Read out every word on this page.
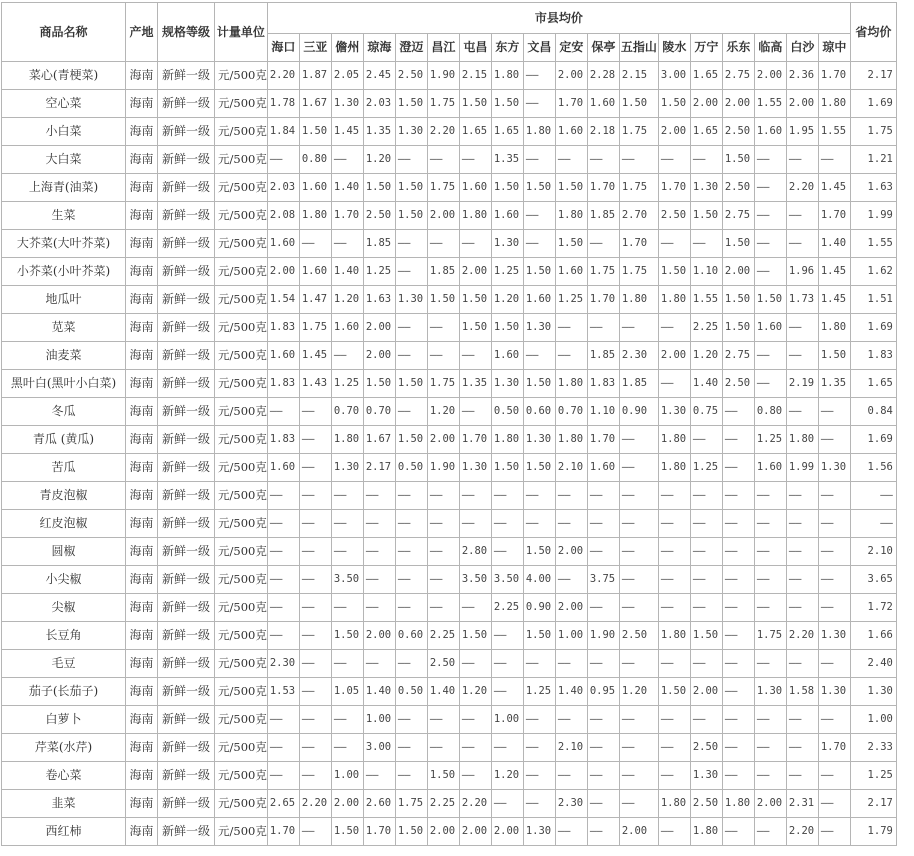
商品名称	产地	规格等级	计量单位	市县均价																		省均价
				海口	三亚	儋州	琼海	澄迈	昌江	屯昌	东方	文昌	定安	保亭	五指山	陵水	万宁	乐东	临高	白沙	琼中	
菜心(青梗菜)	海南	新鲜一级	元/500克	2.20	1.87	2.05	2.45	2.50	1.90	2.15	1.80	——	2.00	2.28	2.15	3.00	1.65	2.75	2.00	2.36	1.70	2.17
空心菜	海南	新鲜一级	元/500克	1.78	1.67	1.30	2.03	1.50	1.75	1.50	1.50	——	1.70	1.60	1.50	1.50	2.00	2.00	1.55	2.00	1.80	1.69
小白菜	海南	新鲜一级	元/500克	1.84	1.50	1.45	1.35	1.30	2.20	1.65	1.65	1.80	1.60	2.18	1.75	2.00	1.65	2.50	1.60	1.95	1.55	1.75
大白菜	海南	新鲜一级	元/500克	——	0.80	——	1.20	——	——	——	1.35	——	——	——	——	——	——	1.50	——	——	——	1.21
上海青(油菜)	海南	新鲜一级	元/500克	2.03	1.60	1.40	1.50	1.50	1.75	1.60	1.50	1.50	1.50	1.70	1.75	1.70	1.30	2.50	——	2.20	1.45	1.63
生菜	海南	新鲜一级	元/500克	2.08	1.80	1.70	2.50	1.50	2.00	1.80	1.60	——	1.80	1.85	2.70	2.50	1.50	2.75	——	——	1.70	1.99
大芥菜(大叶芥菜)	海南	新鲜一级	元/500克	1.60	——	——	1.85	——	——	——	1.30	——	1.50	——	1.70	——	——	1.50	——	——	1.40	1.55
小芥菜(小叶芥菜)	海南	新鲜一级	元/500克	2.00	1.60	1.40	1.25	——	1.85	2.00	1.25	1.50	1.60	1.75	1.75	1.50	1.10	2.00	——	1.96	1.45	1.62
地瓜叶	海南	新鲜一级	元/500克	1.54	1.47	1.20	1.63	1.30	1.50	1.50	1.20	1.60	1.25	1.70	1.80	1.80	1.55	1.50	1.50	1.73	1.45	1.51
苋菜	海南	新鲜一级	元/500克	1.83	1.75	1.60	2.00	——	——	1.50	1.50	1.30	——	——	——	——	2.25	1.50	1.60	——	1.80	1.69
油麦菜	海南	新鲜一级	元/500克	1.60	1.45	——	2.00	——	——	——	1.60	——	——	1.85	2.30	2.00	1.20	2.75	——	——	1.50	1.83
黑叶白(黑叶小白菜)	海南	新鲜一级	元/500克	1.83	1.43	1.25	1.50	1.50	1.75	1.35	1.30	1.50	1.80	1.83	1.85	——	1.40	2.50	——	2.19	1.35	1.65
冬瓜	海南	新鲜一级	元/500克	——	——	0.70	0.70	——	1.20	——	0.50	0.60	0.70	1.10	0.90	1.30	0.75	——	0.80	——	——	0.84
青瓜 (黄瓜)	海南	新鲜一级	元/500克	1.83	——	1.80	1.67	1.50	2.00	1.70	1.80	1.30	1.80	1.70	——	1.80	——	——	1.25	1.80	——	1.69
苦瓜	海南	新鲜一级	元/500克	1.60	——	1.30	2.17	0.50	1.90	1.30	1.50	1.50	2.10	1.60	——	1.80	1.25	——	1.60	1.99	1.30	1.56
青皮泡椒	海南	新鲜一级	元/500克	——	——	——	——	——	——	——	——	——	——	——	——	——	——	——	——	——	——	——
红皮泡椒	海南	新鲜一级	元/500克	——	——	——	——	——	——	——	——	——	——	——	——	——	——	——	——	——	——	——
圆椒	海南	新鲜一级	元/500克	——	——	——	——	——	——	2.80	——	1.50	2.00	——	——	——	——	——	——	——	——	2.10
小尖椒	海南	新鲜一级	元/500克	——	——	3.50	——	——	——	3.50	3.50	4.00	——	3.75	——	——	——	——	——	——	——	3.65
尖椒	海南	新鲜一级	元/500克	——	——	——	——	——	——	——	2.25	0.90	2.00	——	——	——	——	——	——	——	——	1.72
长豆角	海南	新鲜一级	元/500克	——	——	1.50	2.00	0.60	2.25	1.50	——	1.50	1.00	1.90	2.50	1.80	1.50	——	1.75	2.20	1.30	1.66
毛豆	海南	新鲜一级	元/500克	2.30	——	——	——	——	2.50	——	——	——	——	——	——	——	——	——	——	——	——	2.40
茄子(长茄子)	海南	新鲜一级	元/500克	1.53	——	1.05	1.40	0.50	1.40	1.20	——	1.25	1.40	0.95	1.20	1.50	2.00	——	1.30	1.58	1.30	1.30
白萝卜	海南	新鲜一级	元/500克	——	——	——	1.00	——	——	——	1.00	——	——	——	——	——	——	——	——	——	——	1.00
芹菜(水芹)	海南	新鲜一级	元/500克	——	——	——	3.00	——	——	——	——	——	2.10	——	——	——	2.50	——	——	——	1.70	2.33
卷心菜	海南	新鲜一级	元/500克	——	——	1.00	——	——	1.50	——	1.20	——	——	——	——	——	1.30	——	——	——	——	1.25
韭菜	海南	新鲜一级	元/500克	2.65	2.20	2.00	2.60	1.75	2.25	2.20	——	——	2.30	——	——	1.80	2.50	1.80	2.00	2.31	——	2.17
西红柿	海南	新鲜一级	元/500克	1.70	——	1.50	1.70	1.50	2.00	2.00	2.00	1.30	——	——	2.00	——	1.80	——	——	2.20	——	1.79
